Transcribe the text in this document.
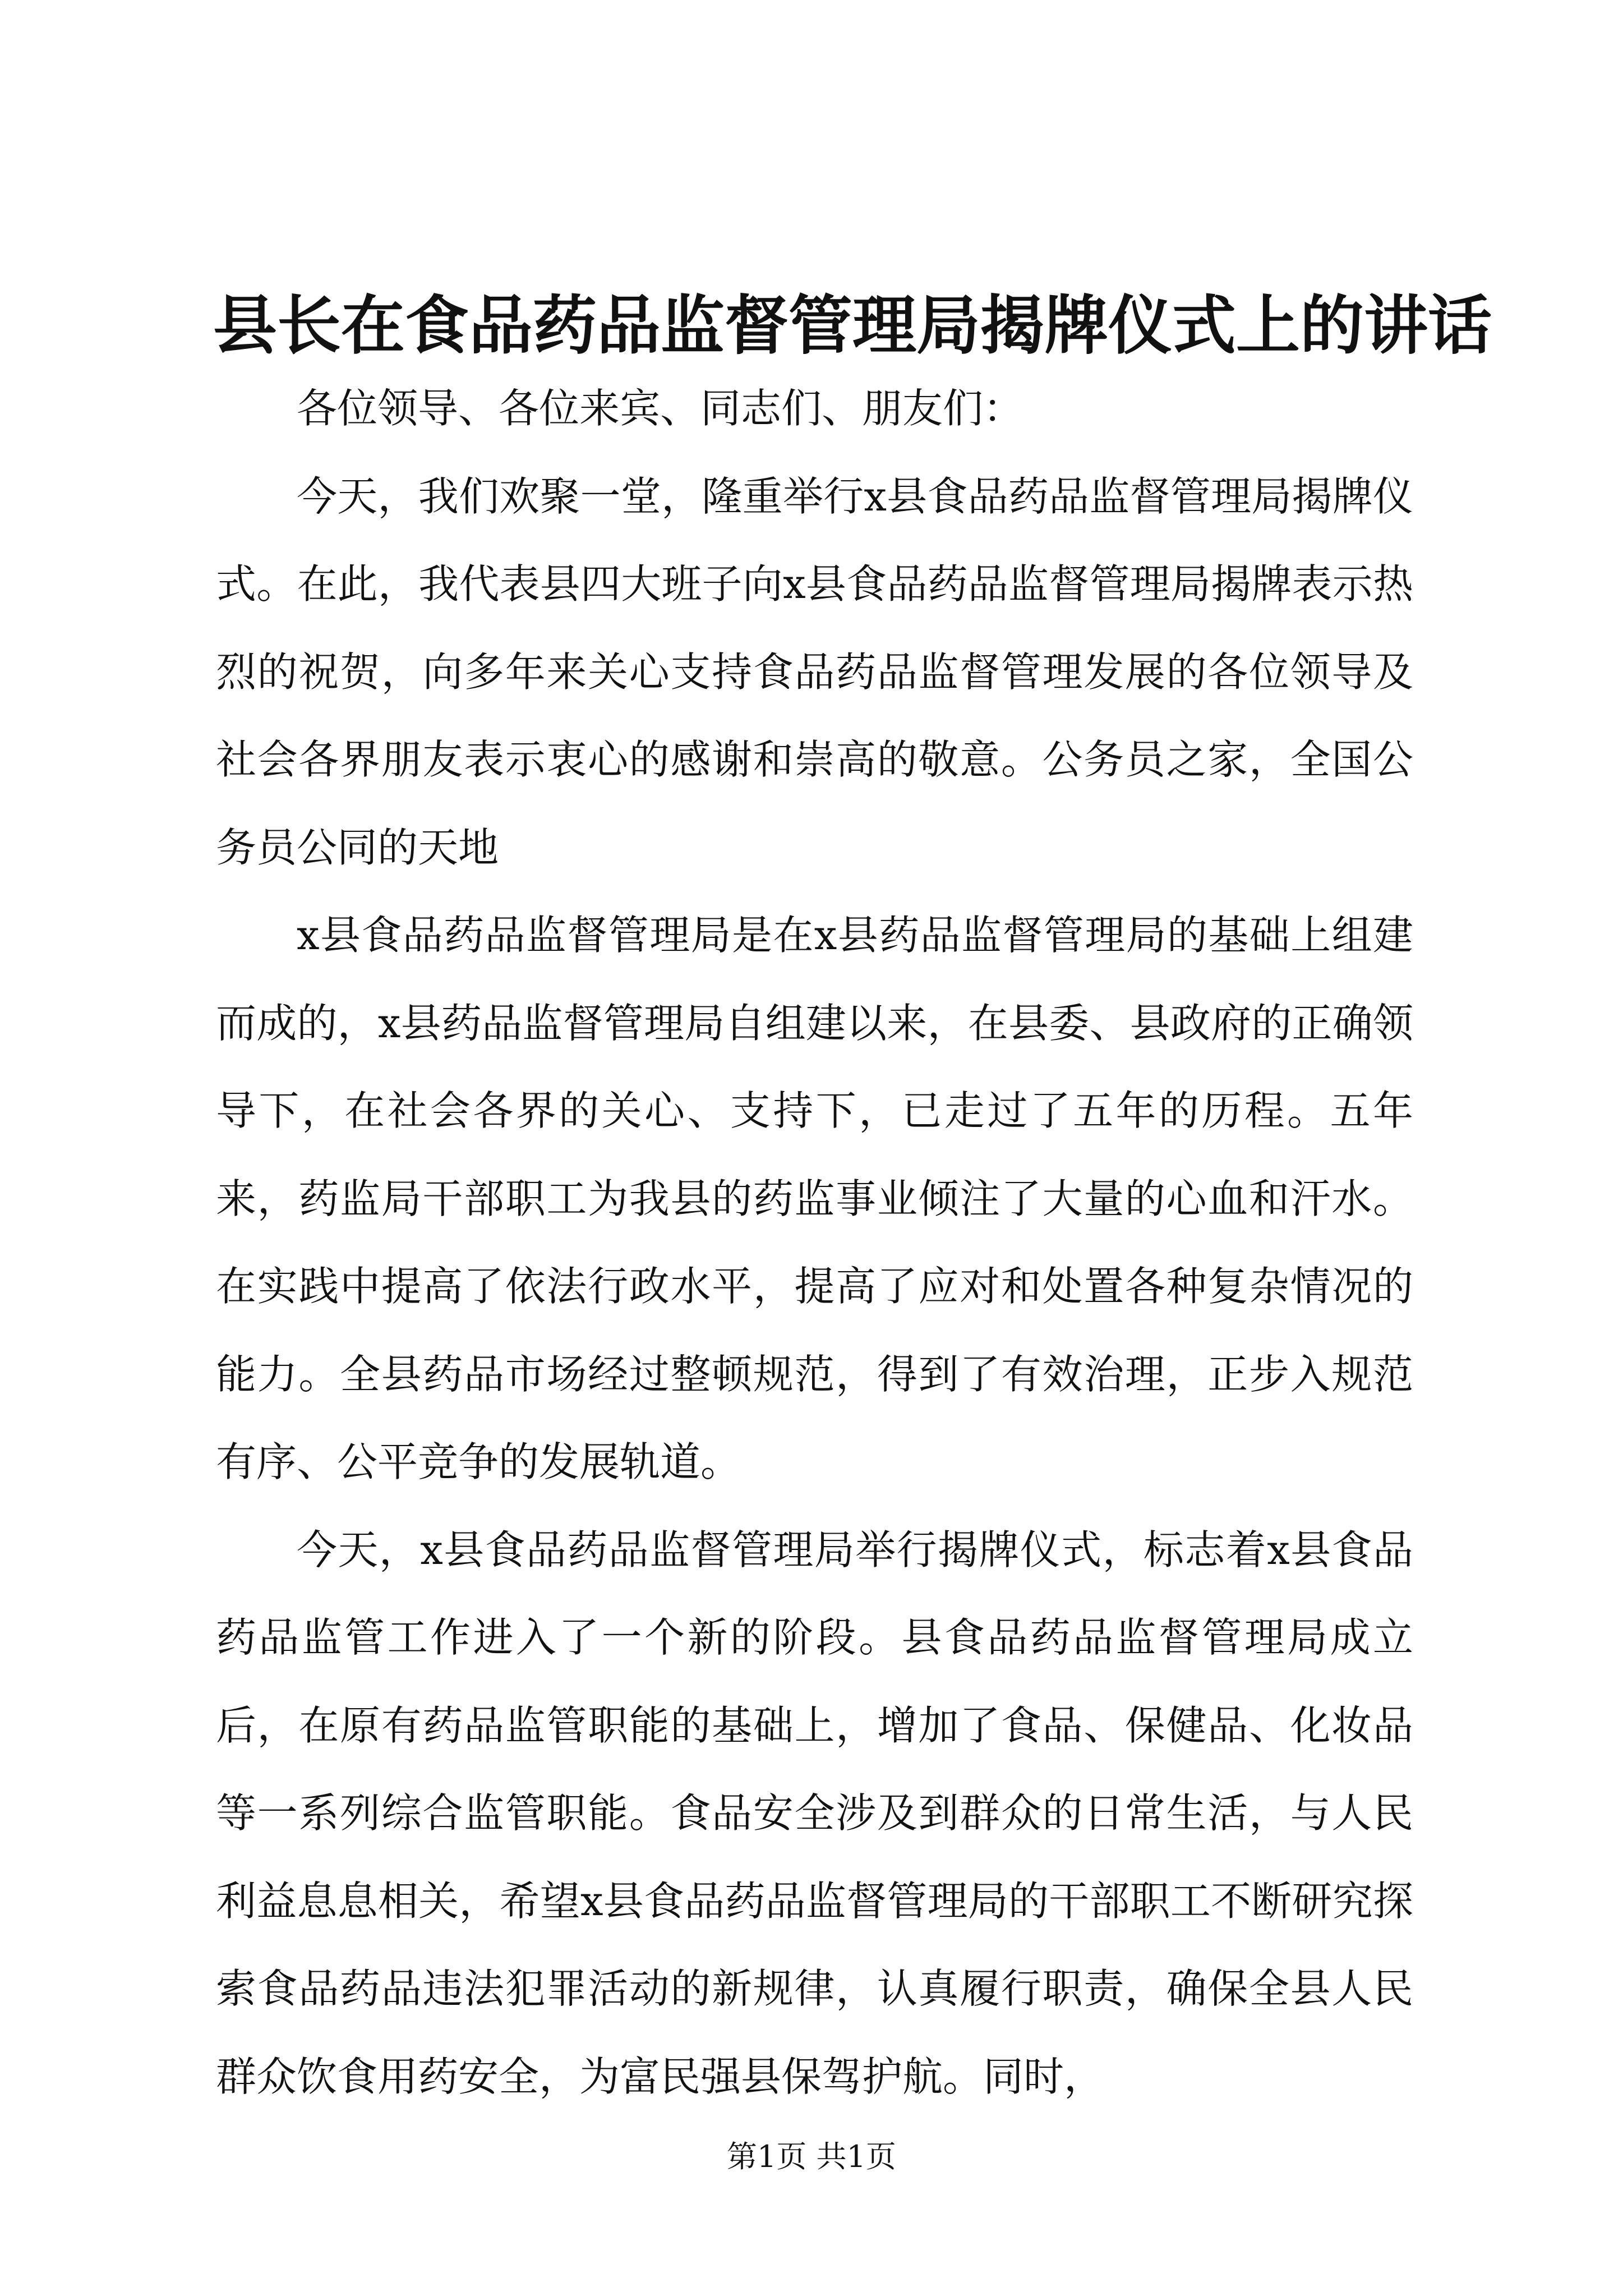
县长在食品药品监督管理局揭牌仪式上的讲话

各位领导、各位来宾、同志们、朋友们：

今天，我们欢聚一堂，隆重举行x县食品药品监督管理局揭牌仪式。在此，我代表县四大班子向x县食品药品监督管理局揭牌表示热烈的祝贺，向多年来关心支持食品药品监督管理发展的各位领导及社会各界朋友表示衷心的感谢和崇高的敬意。公务员之家，全国公务员公同的天地

x县食品药品监督管理局是在x县药品监督管理局的基础上组建而成的，x县药品监督管理局自组建以来，在县委、县政府的正确领导下，在社会各界的关心、支持下，已走过了五年的历程。五年来，药监局干部职工为我县的药监事业倾注了大量的心血和汗水。在实践中提高了依法行政水平，提高了应对和处置各种复杂情况的能力。全县药品市场经过整顿规范，得到了有效治理，正步入规范有序、公平竞争的发展轨道。

今天，x县食品药品监督管理局举行揭牌仪式，标志着x县食品药品监管工作进入了一个新的阶段。县食品药品监督管理局成立后，在原有药品监管职能的基础上，增加了食品、保健品、化妆品等一系列综合监管职能。食品安全涉及到群众的日常生活，与人民利益息息相关，希望x县食品药品监督管理局的干部职工不断研究探索食品药品违法犯罪活动的新规律，认真履行职责，确保全县人民群众饮食用药安全，为富民强县保驾护航。同时，

第1页 共1页
